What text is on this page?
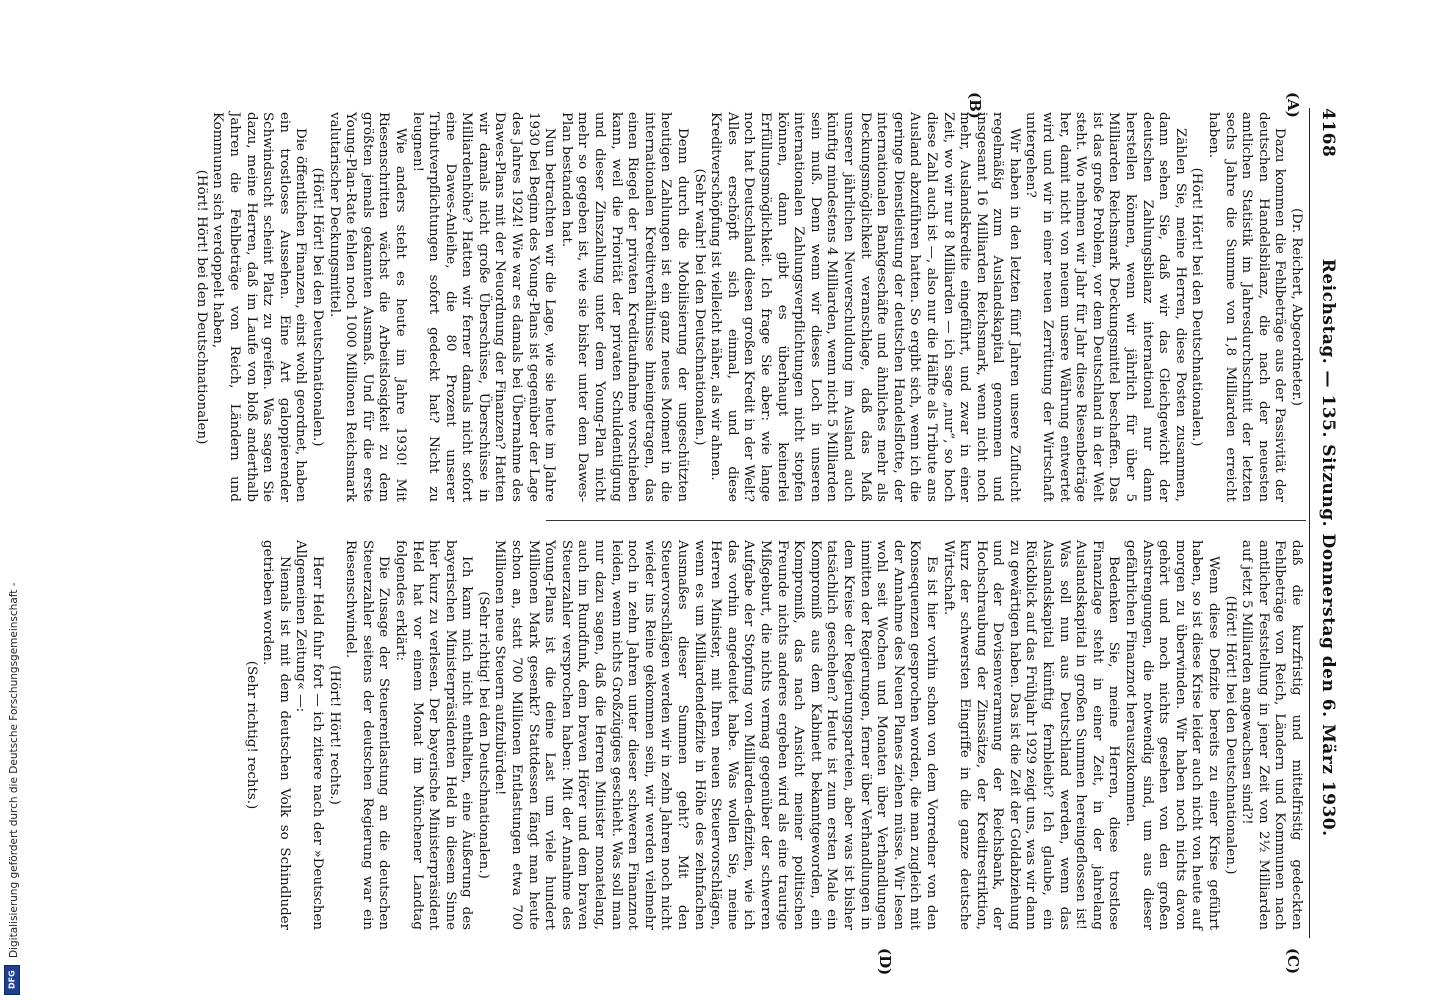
4168
Reichstag. — 135. Sitzung. Donnerstag den 6. März 1930.
(A)
(B)
(C)
(D)

(Dr. Reichert, Abgeordneter.)

Dazu kommen die Fehlbeträge aus der Passivität der deutschen Handelsbilanz, die nach der neuesten amtlichen Statistik im Jahresdurchschnitt der letzten sechs Jahre die Summe von 1,8 Milliarden erreicht haben.

(Hört! Hört! bei den Deutschnationalen.)

Zählen Sie, meine Herren, diese Posten zusammen, dann sehen Sie, daß wir das Gleichgewicht der deutschen Zahlungsbilanz international nur dann herstellen können, wenn wir jährlich für über 5 Milliarden Reichsmark Deckungsmittel beschaffen. Das ist das große Problem, vor dem Deutschland in der Welt steht. Wo nehmen wir Jahr für Jahr diese Riesenbeträge her, damit nicht von neuem unsere Währung entwertet wird und wir in einer neuen Zerrüttung der Wirtschaft untergehen?

Wir haben in den letzten fünf Jahren unsere Zuflucht regelmäßig zum Auslandskapital genommen und insgesamt 16 Milliarden Reichsmark, wenn nicht noch mehr, Auslandskredite eingeführt, und zwar in einer Zeit, wo wir nur 8 Milliarden — ich sage „nur“, so hoch diese Zahl auch ist —, also nur die Hälfte als Tribute ans Ausland abzuführen hatten. So ergibt sich, wenn ich die geringe Dienstleistung der deutschen Handelsflotte, der internationalen Bankgeschäfte und ähnliches mehr als Deckungsmöglichkeit veranschlage, daß das Maß unserer jährlichen Neuverschuldung im Ausland auch künftig mindestens 4 Milliarden, wenn nicht 5 Milliarden sein muß. Denn wenn wir dieses Loch in unseren internationalen Zahlungsverpflichtungen nicht stopfen können, dann gibt es überhaupt keinerlei Erfüllungsmöglichkeit. Ich frage Sie aber: wie lange noch hat Deutschland diesen großen Kredit in der Welt? Alles erschöpft sich einmal, und diese Kreditverschöpfung ist vielleicht näher, als wir ahnen.

(Sehr wahr! bei den Deutschnationalen.)

Denn durch die Mobilisierung der ungeschützten heutigen Zahlungen ist ein ganz neues Moment in die internationalen Kreditverhältnisse hineingetragen, das einen Riegel der privaten Kreditaufnahme vorschieben kann, weil die Priorität der privaten Schuldentilgung und dieser Zinszahlung unter dem Young-Plan nicht mehr so gegeben ist, wie sie bisher unter dem Dawes-Plan bestanden hat.

Nun betrachten wir die Lage, wie sie heute im Jahre 1930 bei Beginn des Young-Plans ist gegenüber der Lage des Jahres 1924! Wie war es damals bei Übernahme des Dawes-Plans mit der Neuordnung der Finanzen? Hatten wir damals nicht große Überschüsse, Überschüsse in Milliardenhöhe? Hatten wir ferner damals nicht sofort eine Dawes-Anleihe, die 80 Prozent unserer Tributverpflichtungen sofort gedeckt hat? Nicht zu leugnen!

Wie anders steht es heute im Jahre 1930! Mit Riesenschritten wächst die Arbeitslosigkeit zu dem größten jemals gekannten Ausmaß. Und für die erste Young-Plan-Rate fehlen noch 1000 Millionen Reichsmark valutarischer Deckungsmittel.

(Hört! Hört! bei den Deutschnationalen.)

Die öffentlichen Finanzen, einst wohl geordnet, haben ein trostloses Aussehen. Eine Art galoppierender Schwindsucht scheint Platz zu greifen. Was sagen Sie dazu, meine Herren, daß im Laufe von bloß anderthalb Jahren die Fehlbeträge von Reich, Ländern und Kommunen sich verdoppelt haben,

(Hört! Hört! bei den Deutschnationalen)

daß die kurzfristig und mittelfristig gedeckten Fehlbeträge von Reich, Ländern und Kommunen nach amtlicher Feststellung in jener Zeit von 2½ Milliarden auf jetzt 5 Milliarden angewachsen sind?!

(Hört! Hört! bei den Deutschnationalen.)

Wenn diese Defizite bereits zu einer Krise geführt haben, so ist diese Krise leider auch nicht von heute auf morgen zu überwinden. Wir haben noch nichts davon gehört und noch nichts gesehen von den großen Anstrengungen, die notwendig sind, um aus dieser gefährlichen Finanznot herauszukommen.

Bedenken Sie, meine Herren, diese trostlose Finanzlage steht in einer Zeit, in der jahrelang Auslandskapital in großen Summen hereingeflossen ist! Was soll nun aus Deutschland werden, wenn das Auslandskapital künftig fernbleibt? Ich glaube, ein Rückblick auf das Frühjahr 1929 zeigt uns, was wir dann zu gewärtigen haben. Das ist die Zeit der Goldabziehung und der Devisenverarmung der Reichsbank, der Hochschraubung der Zinssätze, der Kreditrestriktion, kurz der schwersten Eingriffe in die ganze deutsche Wirtschaft.

Es ist hier vorhin schon von dem Vorredner von den Konsequenzen gesprochen worden, die man zugleich mit der Annahme des Neuen Planes ziehen müsse. Wir lesen wohl seit Wochen und Monaten über Verhandlungen inmitten der Regierungen, ferner über Verhandlungen in dem Kreise der Regierungsparteien, aber was ist bisher tatsächlich geschehen? Heute ist zum ersten Male ein Kompromiß aus dem Kabinett bekanntgeworden, ein Kompromiß, das nach Ansicht meiner politischen Freunde nichts anderes ergeben wird als eine traurige Mißgeburt, die nichts vermag gegenüber der schweren Aufgabe der Stopfung von Milliarden-defiziten, wie ich das vorhin angedeutet habe. Was wollen Sie, meine Herren Minister, mit Ihren neuen Steuervorschlägen, wenn es um Milliardendefizite in Höhe des zehnfachen Ausmaßes dieser Summen geht? Mit den Steuervorschlägen werden wir in zehn Jahren noch nicht wieder ins Reine gekommen sein, wir werden vielmehr noch in zehn Jahren unter dieser schweren Finanznot leiden, wenn nichts Großzügiges geschieht. Was soll man nur dazu sagen, daß die Herren Minister monatelang, auch im Rundfunk, dem braven Hörer und dem braven Steuerzahler versprochen haben: Mit der Annahme des Young-Plans ist die deine Last um viele hundert Millionen Mark gesenkt? Stattdessen fängt man heute schon an, statt 700 Millionen Entlastungen etwa 700 Millionen neue Steuern aufzubürden!

(Sehr richtig! bei den Deutschnationalen.)

Ich kann mich nicht enthalten, eine Äußerung des bayerischen Ministerpräsidenten Held in diesem Sinne hier kurz zu verlesen. Der bayerische Ministerpräsident Held hat vor einem Monat im Münchener Landtag folgendes erklärt:

Die Zusage der Steuerentlastung an die deutschen Steuerzahler seitens der deutschen Regierung war ein Riesenschwindel.

(Hört! Hört! rechts.)

Herr Held fuhr fort — ich zitiere nach der »Deutschen Allgemeinen Zeitung« —:

Niemals ist mit dem deutschen Volk so Schindluder getrieben worden.

(Sehr richtig! rechts.)

Digitalisierung gefördert durch die Deutsche Forschungsgemeinschaft -
DFG
